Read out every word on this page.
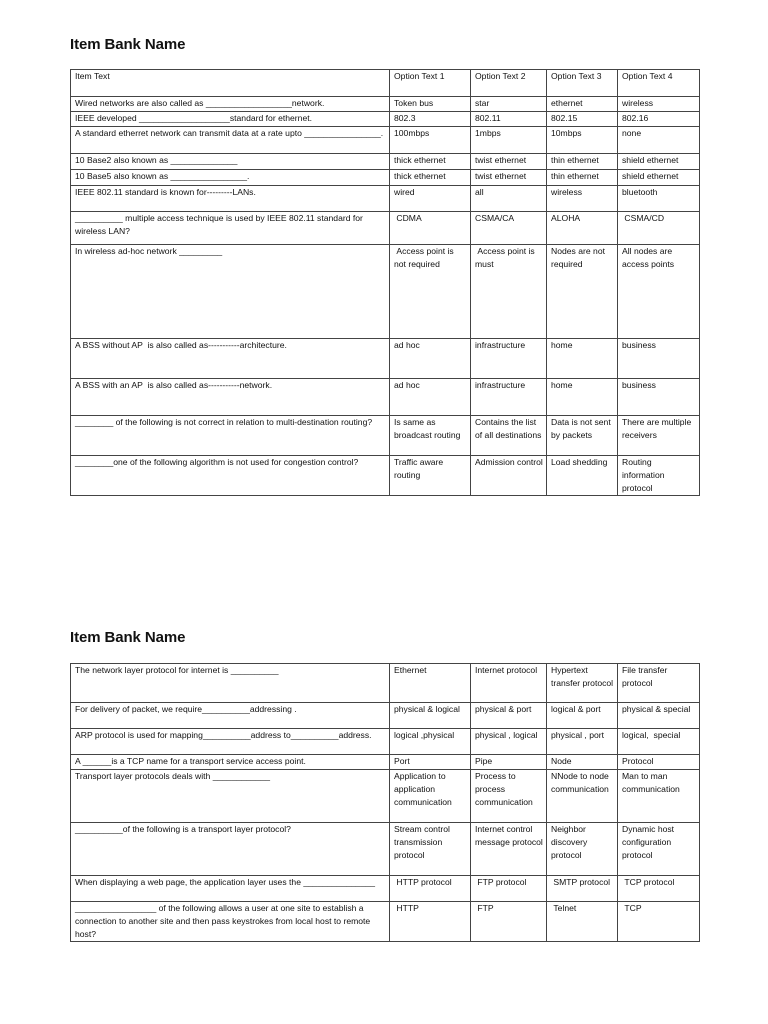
Item Bank Name
Item Text	Option Text 1	Option Text 2	Option Text 3	Option Text 4
Wired networks are also called as __________________network.	Token bus	star	ethernet	wireless
IEEE developed ___________________standard for ethernet.	802.3	802.11	802.15	802.16
A standard etherret network can transmit data at a rate upto ________________.	100mbps	1mbps	10mbps	none
10 Base2 also known as ______________	thick ethernet	twist ethernet	thin ethernet	shield ethernet
10 Base5 also known as ________________.	thick ethernet	twist ethernet	thin ethernet	shield ethernet
IEEE 802.11 standard is known for---------LANs.	wired	all	wireless	bluetooth
__________ multiple access technique is used by IEEE 802.11 standard for wireless LAN?	CDMA	CSMA/CA	ALOHA	CSMA/CD
In wireless ad-hoc network _________	Access point is not required	Access point is must	Nodes are not required	All nodes are access points
A BSS without AP  is also called as-----------architecture.	ad hoc	infrastructure	home	business
A BSS with an AP  is also called as-----------network.	ad hoc	infrastructure	home	business
________ of the following is not correct in relation to multi-destination routing?	Is same as broadcast routing	Contains the list of all destinations	Data is not sent by packets	There are multiple receivers
________one of the following algorithm is not used for congestion control?	Traffic aware routing	Admission control	Load shedding	Routing information protocol
Item Bank Name
The network layer protocol for internet is __________	Ethernet	Internet protocol	Hypertext transfer protocol	File transfer protocol
For delivery of packet, we require__________addressing .	physical & logical	physical & port	logical & port	physical & special
ARP protocol is used for mapping__________address to__________address.	logical ,physical	physical , logical	physical , port	logical,  special
A ______is a TCP name for a transport service access point.	Port	Pipe	Node	Protocol
Transport layer protocols deals with ____________	Application to application communication	Process to process communication	NNode to node communication	Man to man communication
__________of the following is a transport layer protocol?	Stream control transmission protocol	Internet control message protocol	Neighbor discovery protocol	Dynamic host configuration protocol
When displaying a web page, the application layer uses the _______________	HTTP protocol	FTP protocol	SMTP protocol	TCP protocol
_________________ of the following allows a user at one site to establish a connection to another site and then pass keystrokes from local host to remote host?	HTTP	FTP	Telnet	TCP
